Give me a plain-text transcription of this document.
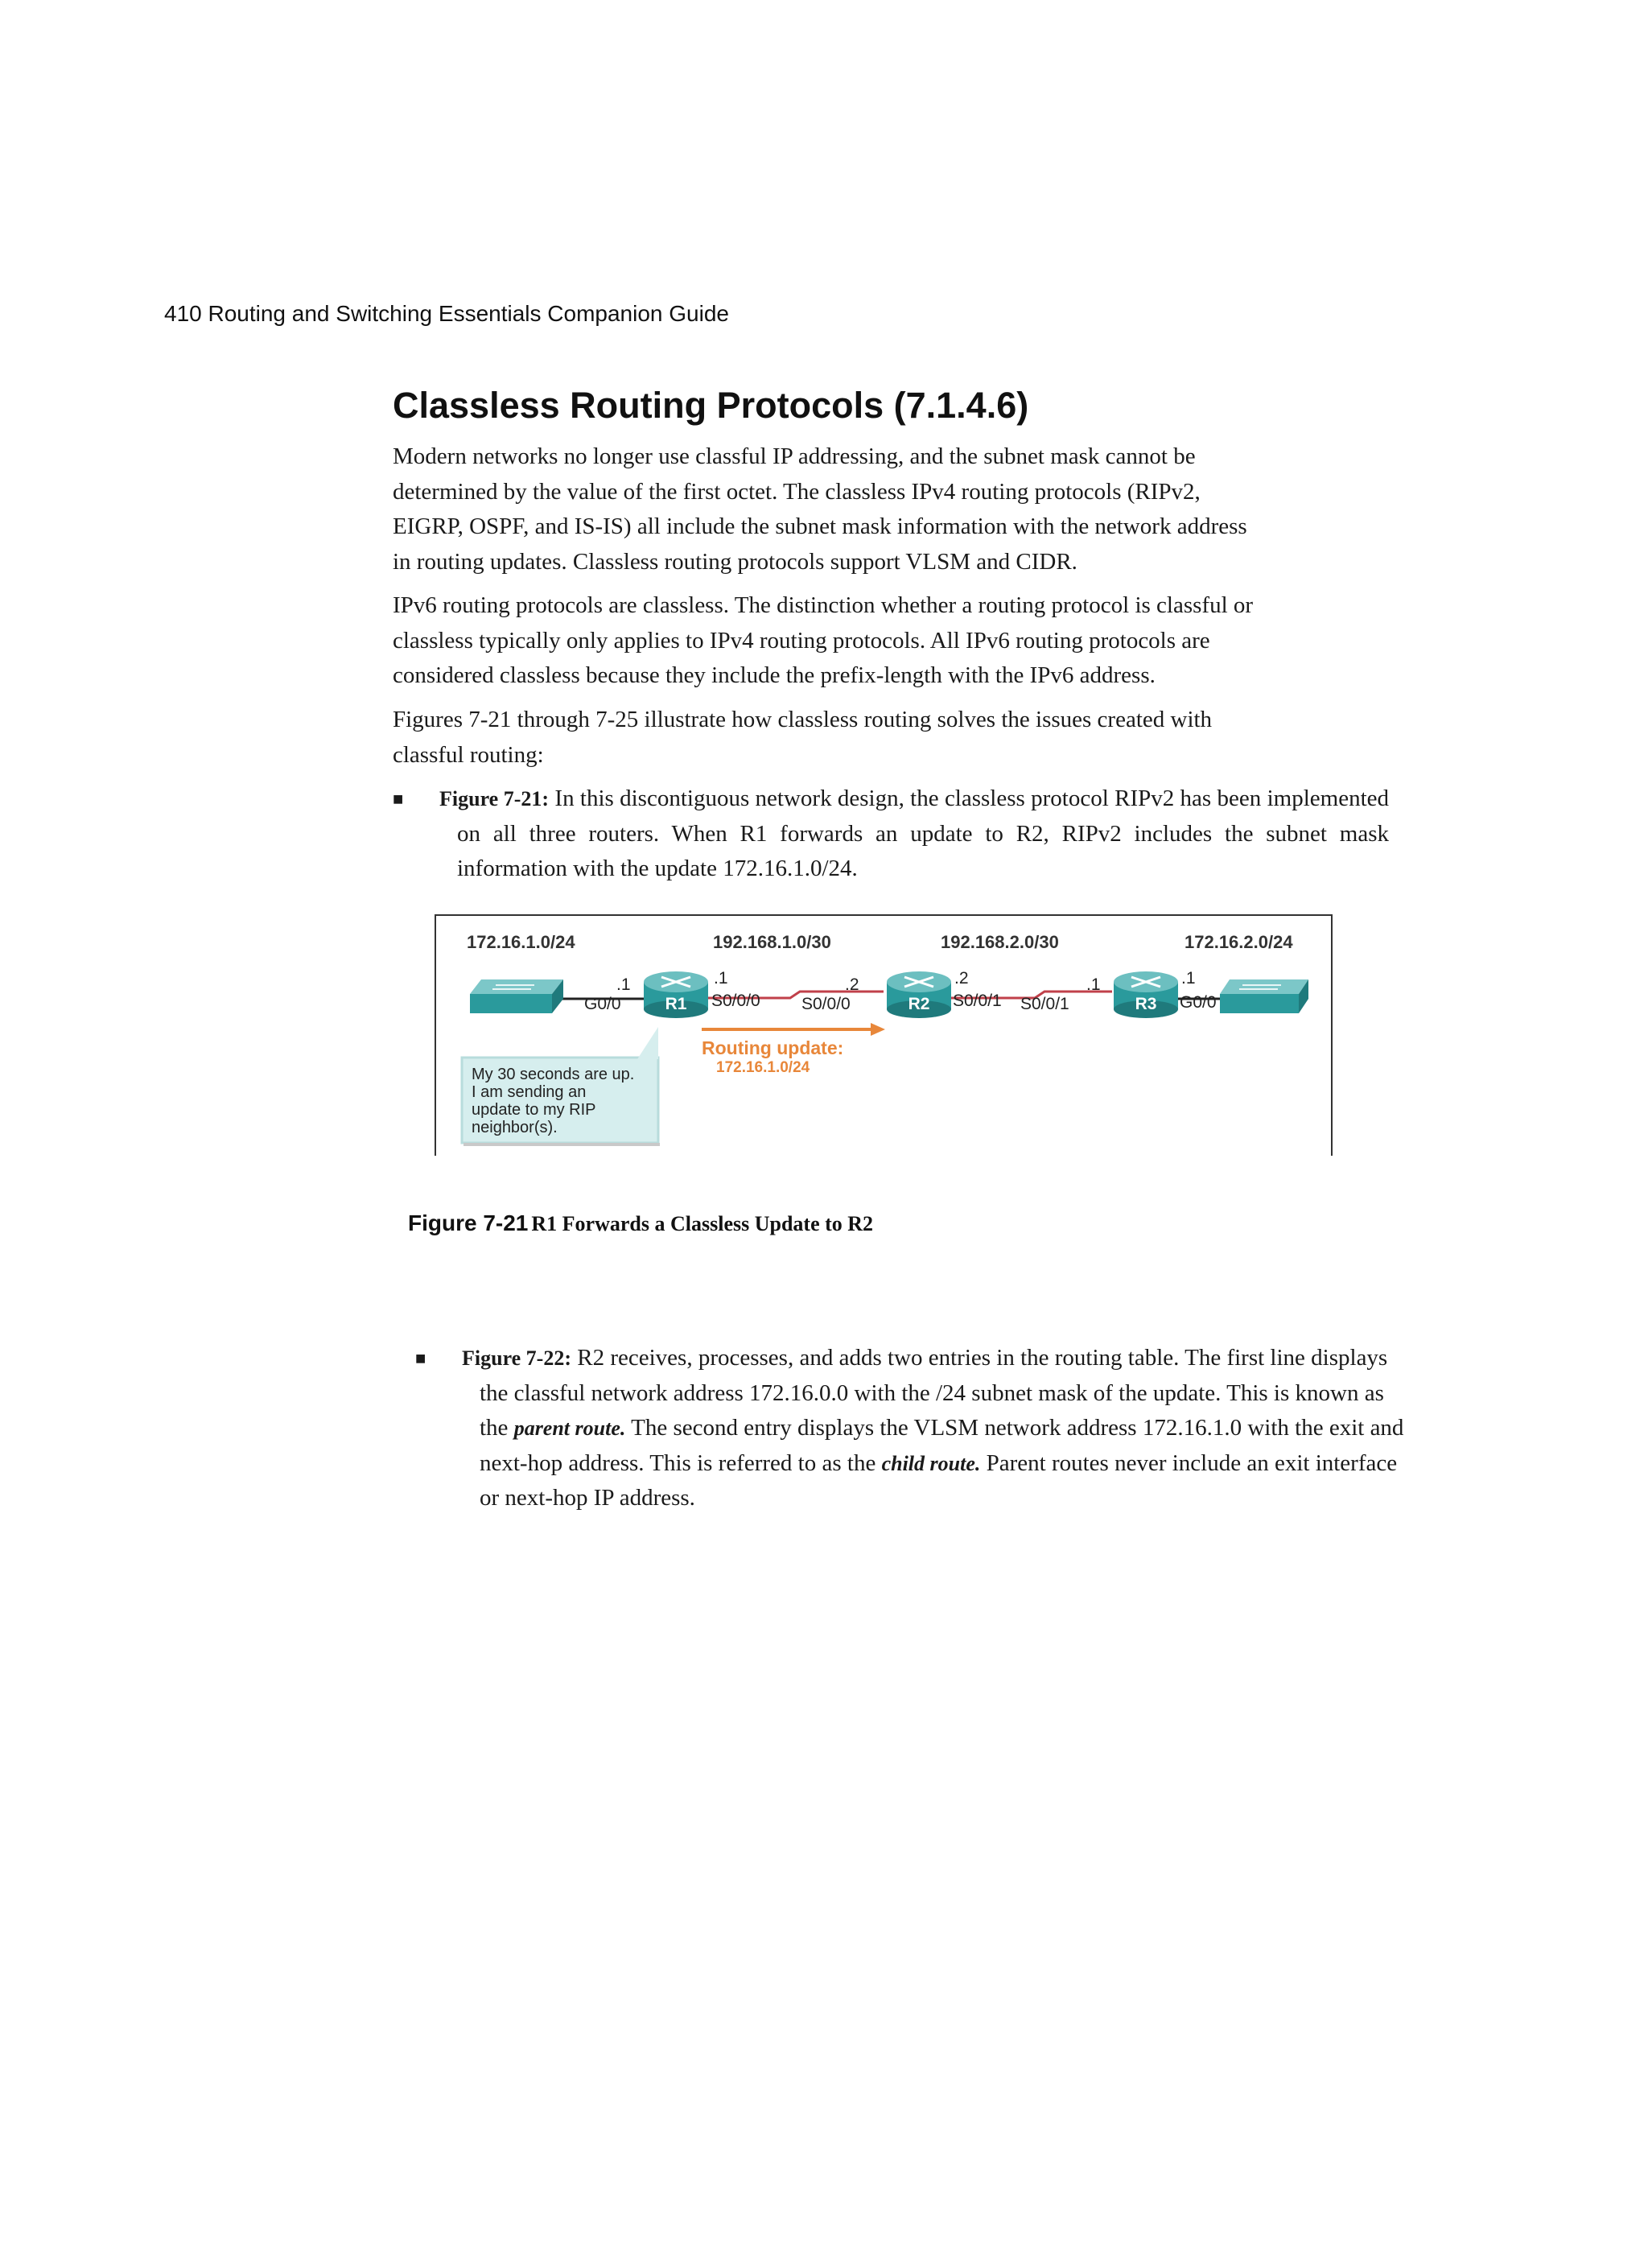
410 Routing and Switching Essentials Companion Guide
Classless Routing Protocols (7.1.4.6)

Modern networks no longer use classful IP addressing, and the subnet mask cannot be
determined by the value of the first octet. The classless IPv4 routing protocols (RIPv2,
EIGRP, OSPF, and IS-IS) all include the subnet mask information with the network address
in routing updates. Classless routing protocols support VLSM and CIDR.

IPv6 routing protocols are classless. The distinction whether a routing protocol is classful or
classless typically only applies to IPv4 routing protocols. All IPv6 routing protocols are
considered classless because they include the prefix-length with the IPv6 address.

Figures 7-21 through 7-25 illustrate how classless routing solves the issues created with
classful routing:

■	Figure 7-21: In this discontiguous network design, the classless protocol RIPv2 has been implemented on all three routers. When R1 forwards an update to R2, RIPv2 includes the subnet mask information with the update 172.16.1.0/24.
172.16.1.0/24	192.168.1.0/30	192.168.2.0/30	172.16.2.0/24
R1	R2	R3
.1	.1	.2	.2	.1	.1
G0/0	S0/0/0 S0/0/0	S0/0/1 S0/0/1	G0/0
Routing update:
172.16.1.0/24
My 30 seconds are up.
I am sending an
update to my RIP
neighbor(s).
Figure 7-21 R1 Forwards a Classless Update to R2
■	Figure 7-22: R2 receives, processes, and adds two entries in the routing table. The first line displays the classful network address 172.16.0.0 with the /24 subnet mask of the update. This is known as the parent route. The second entry displays the VLSM network address 172.16.1.0 with the exit and next-hop address. This is referred to as the child route. Parent routes never include an exit interface or next-hop IP address.
